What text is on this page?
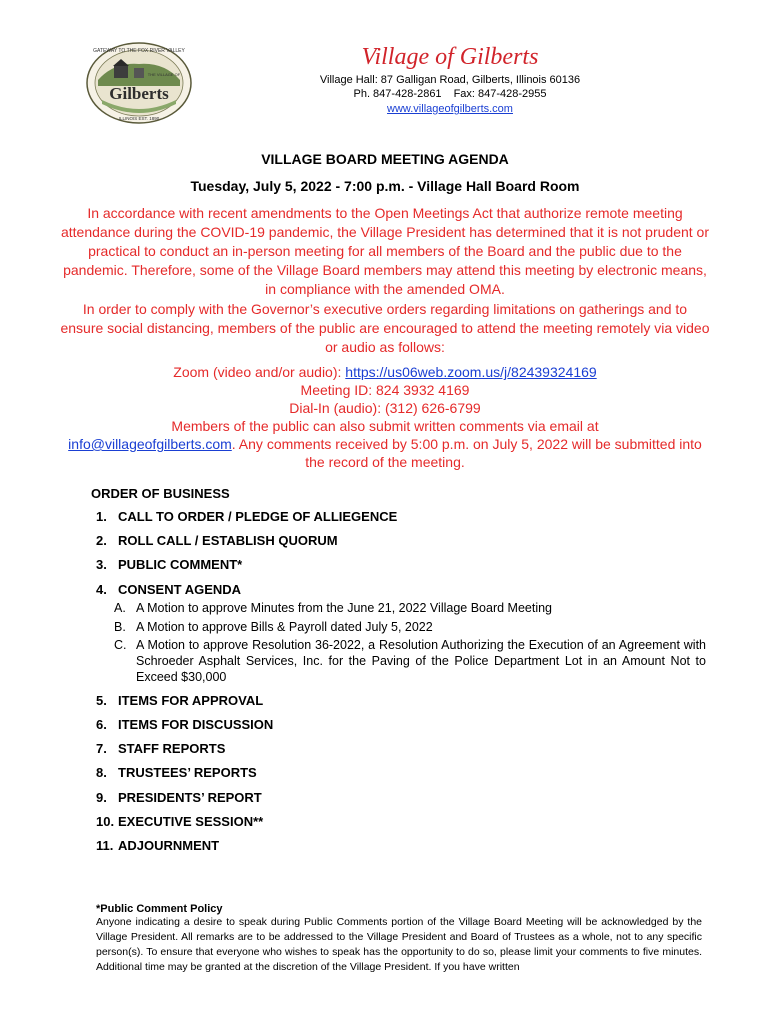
GATEWAY TO THE FOX RIVER VALLEY
THE VILLAGE OF
Gilberts
ILLINOIS EST. 1890
Village of Gilberts
Village Hall: 87 Galligan Road, Gilberts, Illinois 60136
Ph. 847-428-2861 Fax: 847-428-2955
www.villageofgilberts.com
VILLAGE BOARD MEETING AGENDA
Tuesday, July 5, 2022 - 7:00 p.m. - Village Hall Board Room
In accordance with recent amendments to the Open Meetings Act that authorize remote meeting attendance during the COVID-19 pandemic, the Village President has determined that it is not prudent or practical to conduct an in-person meeting for all members of the Board and the public due to the pandemic. Therefore, some of the Village Board members may attend this meeting by electronic means, in compliance with the amended OMA.
In order to comply with the Governor’s executive orders regarding limitations on gatherings and to ensure social distancing, members of the public are encouraged to attend the meeting remotely via video or audio as follows:
Zoom (video and/or audio): https://us06web.zoom.us/j/82439324169
Meeting ID: 824 3932 4169
Dial-In (audio): (312) 626-6799
Members of the public can also submit written comments via email at
info@villageofgilberts.com. Any comments received by 5:00 p.m. on July 5, 2022 will be submitted into the record of the meeting.
ORDER OF BUSINESS
1. CALL TO ORDER / PLEDGE OF ALLIEGENCE
2. ROLL CALL / ESTABLISH QUORUM
3. PUBLIC COMMENT*
4. CONSENT AGENDA
A. A Motion to approve Minutes from the June 21, 2022 Village Board Meeting
B. A Motion to approve Bills & Payroll dated July 5, 2022
C. A Motion to approve Resolution 36-2022, a Resolution Authorizing the Execution of an Agreement with Schroeder Asphalt Services, Inc. for the Paving of the Police Department Lot in an Amount Not to Exceed $30,000
5. ITEMS FOR APPROVAL
6. ITEMS FOR DISCUSSION
7. STAFF REPORTS
8. TRUSTEES’ REPORTS
9. PRESIDENTS’ REPORT
10. EXECUTIVE SESSION**
11. ADJOURNMENT
*Public Comment Policy
Anyone indicating a desire to speak during Public Comments portion of the Village Board Meeting will be acknowledged by the Village President. All remarks are to be addressed to the Village President and Board of Trustees as a whole, not to any specific person(s). To ensure that everyone who wishes to speak has the opportunity to do so, please limit your comments to five minutes. Additional time may be granted at the discretion of the Village President. If you have written
